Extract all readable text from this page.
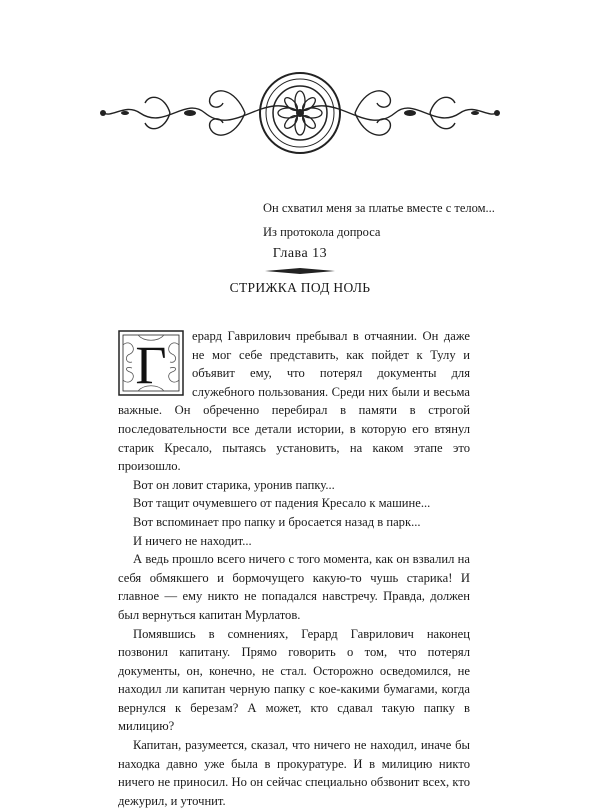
Он схватил меня за платье вместе с телом...
Из протокола допроса
Глава 13
СТРИЖКА ПОД НОЛЬ
Г	ерард Гаврилович пребывал в отчаянии. Он даже не мог себе представить, как пойдет к Тулу и объявит ему, что потерял документы для служебного пользования. Среди них были и весьма важные. Он обреченно перебирал в памяти в строгой последовательности все детали истории, в которую его втянул старик Кресало, пытаясь установить, на каком этапе это произошло.

Вот он ловит старика, уронив папку...

Вот тащит очумевшего от падения Кресало к машине...

Вот вспоминает про папку и бросается назад в парк...

И ничего не находит...

А ведь прошло всего ничего с того момента, как он взвалил на себя обмякшего и бормочущего какую-то чушь старика! И главное — ему никто не попадался навстречу. Правда, должен был вернуться капитан Мурлатов.

Помявшись в сомнениях, Герард Гаврилович наконец позвонил капитану. Прямо говорить о том, что потерял документы, он, конечно, не стал. Осторожно осведомился, не находил ли капитан черную папку с кое-какими бумагами, когда вернулся к березам? А может, кто сдавал такую папку в милицию?

Капитан, разумеется, сказал, что ничего не находил, иначе бы находка давно уже была в прокуратуре. И в милицию никто ничего не приносил. Но он сейчас специально обзвонит всех, кто дежурил, и уточнит.
